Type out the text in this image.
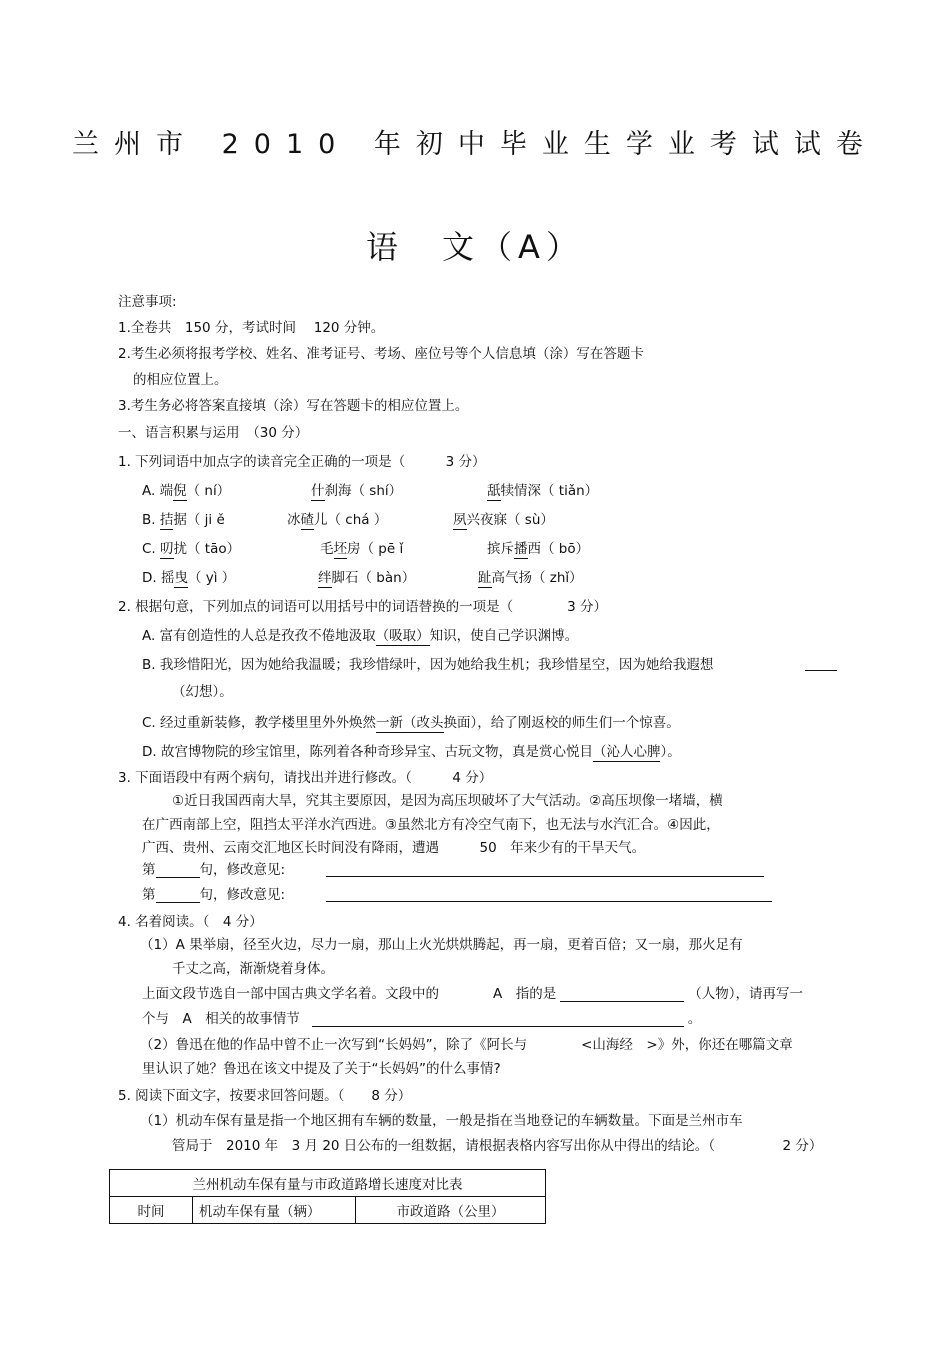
兰州市 2010 年初中毕业生学业考试试卷
语　文（A）
注意事项:
1.全卷共　150 分，考试时间　 120 分钟。
2.考生必须将报考学校、姓名、准考证号、考场、座位号等个人信息填（涂）写在答题卡
的相应位置上。
3.考生务必将答案直接填（涂）写在答题卡的相应位置上。
一、语言积累与运用　（30 分）
1. 下列词语中加点字的读音完全正确的一项是（　　　3 分）
A. 端倪（ ní）	什刹海（ shí）	舐犊情深（ tiǎn）
B. 拮据（ ji ě	冰碴儿（ chá ）	夙兴夜寐（ sù）
C. 叨扰（ tāo）	毛坯房（ pē ǐ	摈斥播西（ bō）
D. 摇曳（ yì ）	绊脚石（ bàn）	趾高气扬（ zhǐ）
2. 根据句意，下列加点的词语可以用括号中的词语替换的一项是（　　　　3 分）
A. 富有创造性的人总是孜孜不倦地汲取（吸取）知识，使自己学识渊博。
B. 我珍惜阳光，因为她给我温暖；我珍惜绿叶，因为她给我生机；我珍惜星空，因为她给我遐想
（幻想）。
C. 经过重新装修，教学楼里里外外焕然一新（改头换面），给了刚返校的师生们一个惊喜。
D. 故宫博物院的珍宝馆里，陈列着各种奇珍异宝、古玩文物，真是赏心悦目（沁人心脾）。
3. 下面语段中有两个病句，请找出并进行修改。（　　　4 分）
①近日我国西南大旱，究其主要原因，是因为高压坝破坏了大气活动。②高压坝像一堵墙，横
在广西南部上空，阻挡太平洋水汽西进。③虽然北方有冷空气南下，也无法与水汽汇合。④因此，
广西、贵州、云南交汇地区长时间没有降雨，遭遇　　　50　年来少有的干旱天气。
第	句，修改意见:
第	句，修改意见:
4. 名着阅读。（　4 分）
（1）A 果举扇，径至火边，尽力一扇，那山上火光烘烘腾起，再一扇，更着百倍；又一扇，那火足有
千丈之高，渐渐烧着身体。
上面文段节选自一部中国古典文学名着。文段中的　　　　A　指的是	（人物），请再写一
个与　A　相关的故事情节	。
（2）鲁迅在他的作品中曾不止一次写到“长妈妈”，除了《阿长与　　　　<山海经　>》外，你还在哪篇文章
里认识了她？鲁迅在该文中提及了关于“长妈妈”的什么事情?
5. 阅读下面文字，按要求回答问题。（　　8 分）
（1）机动车保有量是指一个地区拥有车辆的数量，一般是指在当地登记的车辆数量。下面是兰州市车
管局于　2010 年　3 月 20 日公布的一组数据，请根据表格内容写出你从中得出的结论。（　　　　　2 分）
兰州机动车保有量与市政道路增长速度对比表
时间	机动车保有量（辆）	市政道路（公里）
